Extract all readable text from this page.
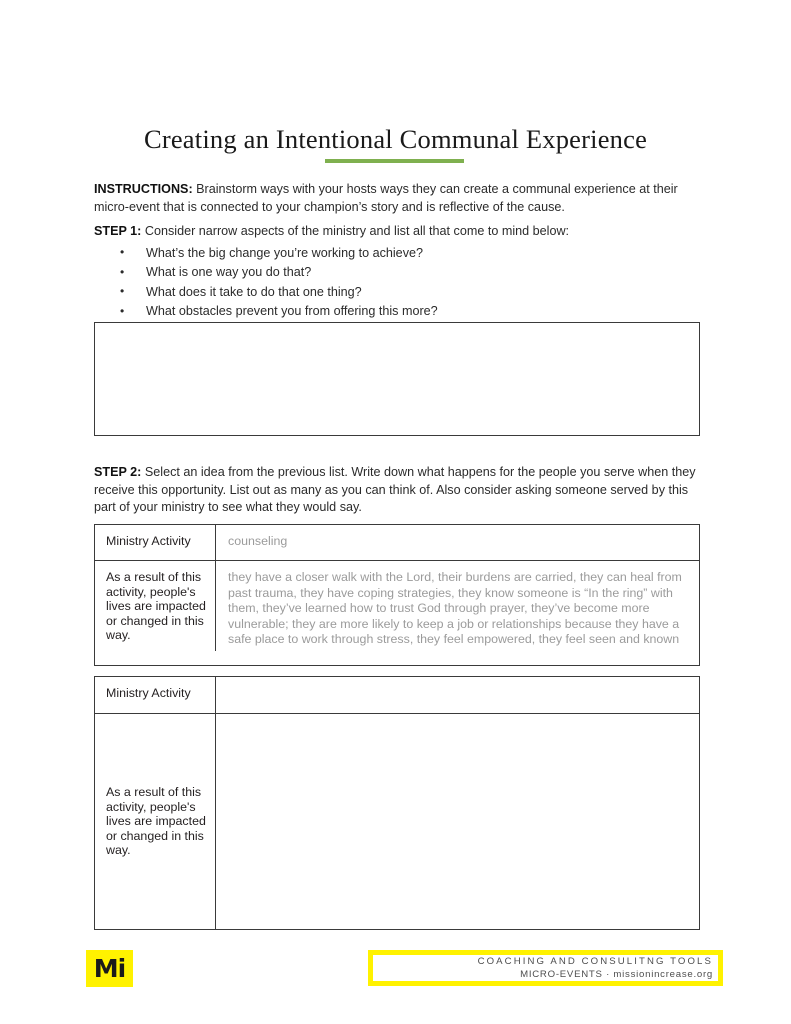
Creating an Intentional Communal Experience
INSTRUCTIONS: Brainstorm ways with your hosts ways they can create a communal experience at their micro-event that is connected to your champion’s story and is reflective of the cause.
STEP 1: Consider narrow aspects of the ministry and list all that come to mind below:
• What’s the big change you’re working to achieve?
• What is one way you do that?
• What does it take to do that one thing?
• What obstacles prevent you from offering this more?
STEP 2: Select an idea from the previous list. Write down what happens for the people you serve when they receive this opportunity. List out as many as you can think of. Also consider asking someone served by this part of your ministry to see what they would say.
Ministry Activity	counseling
As a result of this activity, people's lives are impacted or changed in this way.
they have a closer walk with the Lord, their burdens are carried, they can heal from past trauma, they have coping strategies, they know someone is “In the ring” with them, they’ve learned how to trust God through prayer, they’ve become more vulnerable; they are more likely to keep a job or relationships because they have a safe place to work through stress, they feel empowered, they feel seen and known
Ministry Activity
As a result of this activity, people's lives are impacted or changed in this way.
Mi	COACHING AND CONSULITNG TOOLS
MICRO-EVENTS · missionincrease.org
